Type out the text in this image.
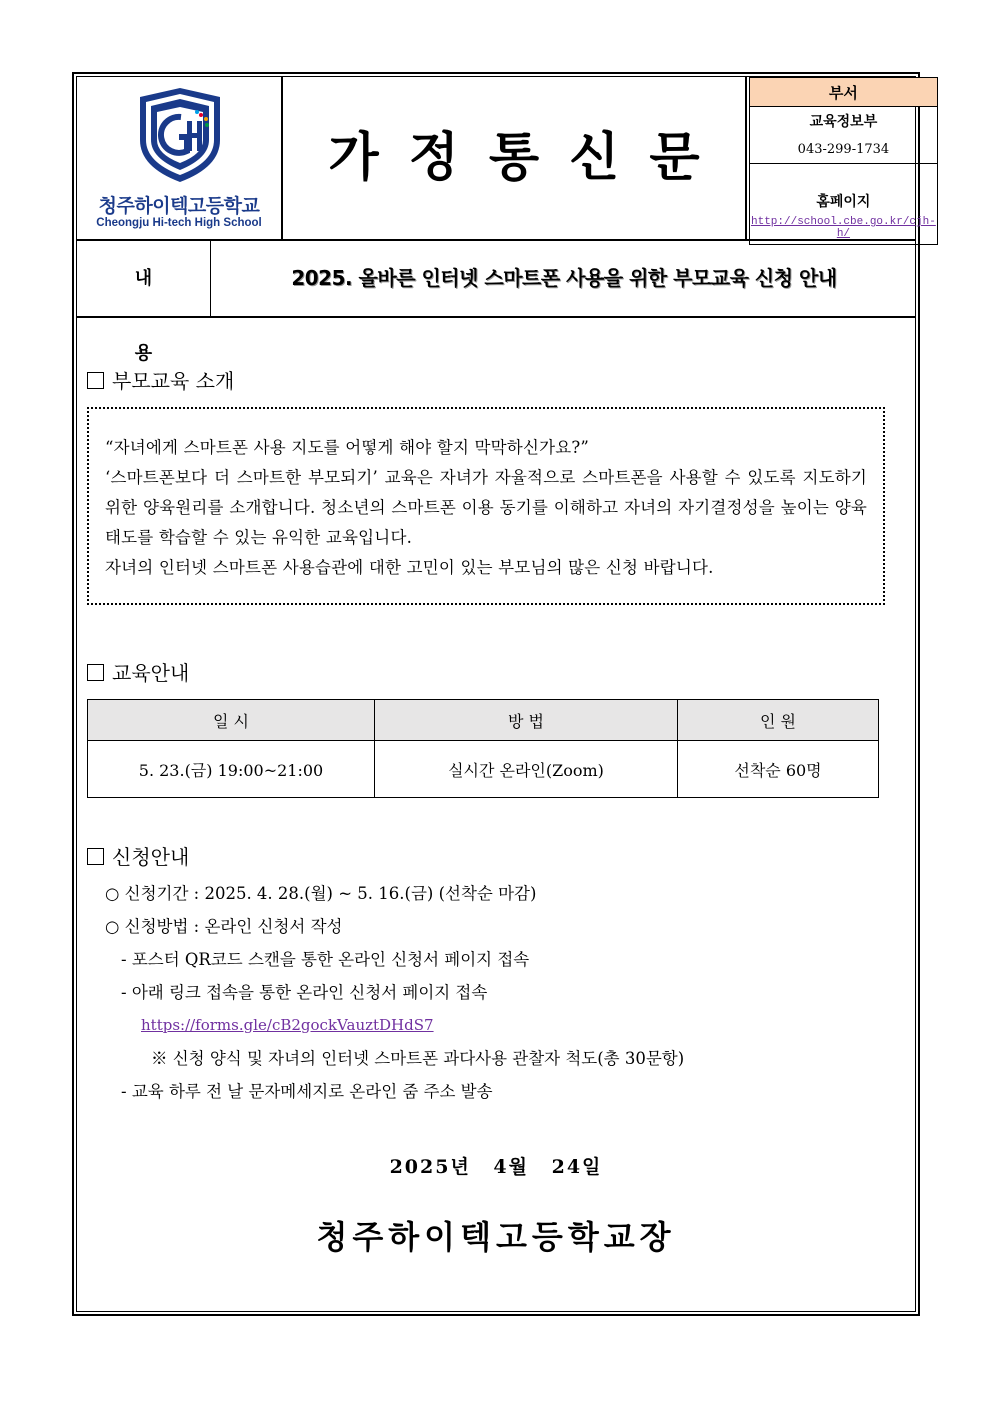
청주하이텍고등학교
Cheongju Hi-tech High School
가정통신문
부서
교육정보부
043-299-1734
홈페이지
http://school.cbe.go.kr/cjh-h/
내용
2025. 올바른 인터넷 스마트폰 사용을 위한 부모교육 신청 안내
부모교육 소개

“자녀에게 스마트폰 사용 지도를 어떻게 해야 할지 막막하신가요?”

‘스마트폰보다 더 스마트한 부모되기’ 교육은 자녀가 자율적으로 스마트폰을 사용할 수 있도록 지도하기 위한 양육원리를 소개합니다. 청소년의 스마트폰 이용 동기를 이해하고 자녀의 자기결정성을 높이는 양육태도를 학습할 수 있는 유익한 교육입니다.

자녀의 인터넷 스마트폰 사용습관에 대한 고민이 있는 부모님의 많은 신청 바랍니다.

교육안내
일 시	방 법	인 원
5. 23.(금) 19:00~21:00	실시간 온라인(Zoom)	선착순 60명
신청안내
○ 신청기간 : 2025. 4. 28.(월) ~ 5. 16.(금) (선착순 마감)
○ 신청방법 : 온라인 신청서 작성
- 포스터 QR코드 스캔을 통한 온라인 신청서 페이지 접속
- 아래 링크 접속을 통한 온라인 신청서 페이지 접속
https://forms.gle/cB2gockVauztDHdS7
※ 신청 양식 및 자녀의 인터넷 스마트폰 과다사용 관찰자 척도(총 30문항)
- 교육 하루 전 날 문자메세지로 온라인 줌 주소 발송
2025년 4월 24일
청주하이텍고등학교장
